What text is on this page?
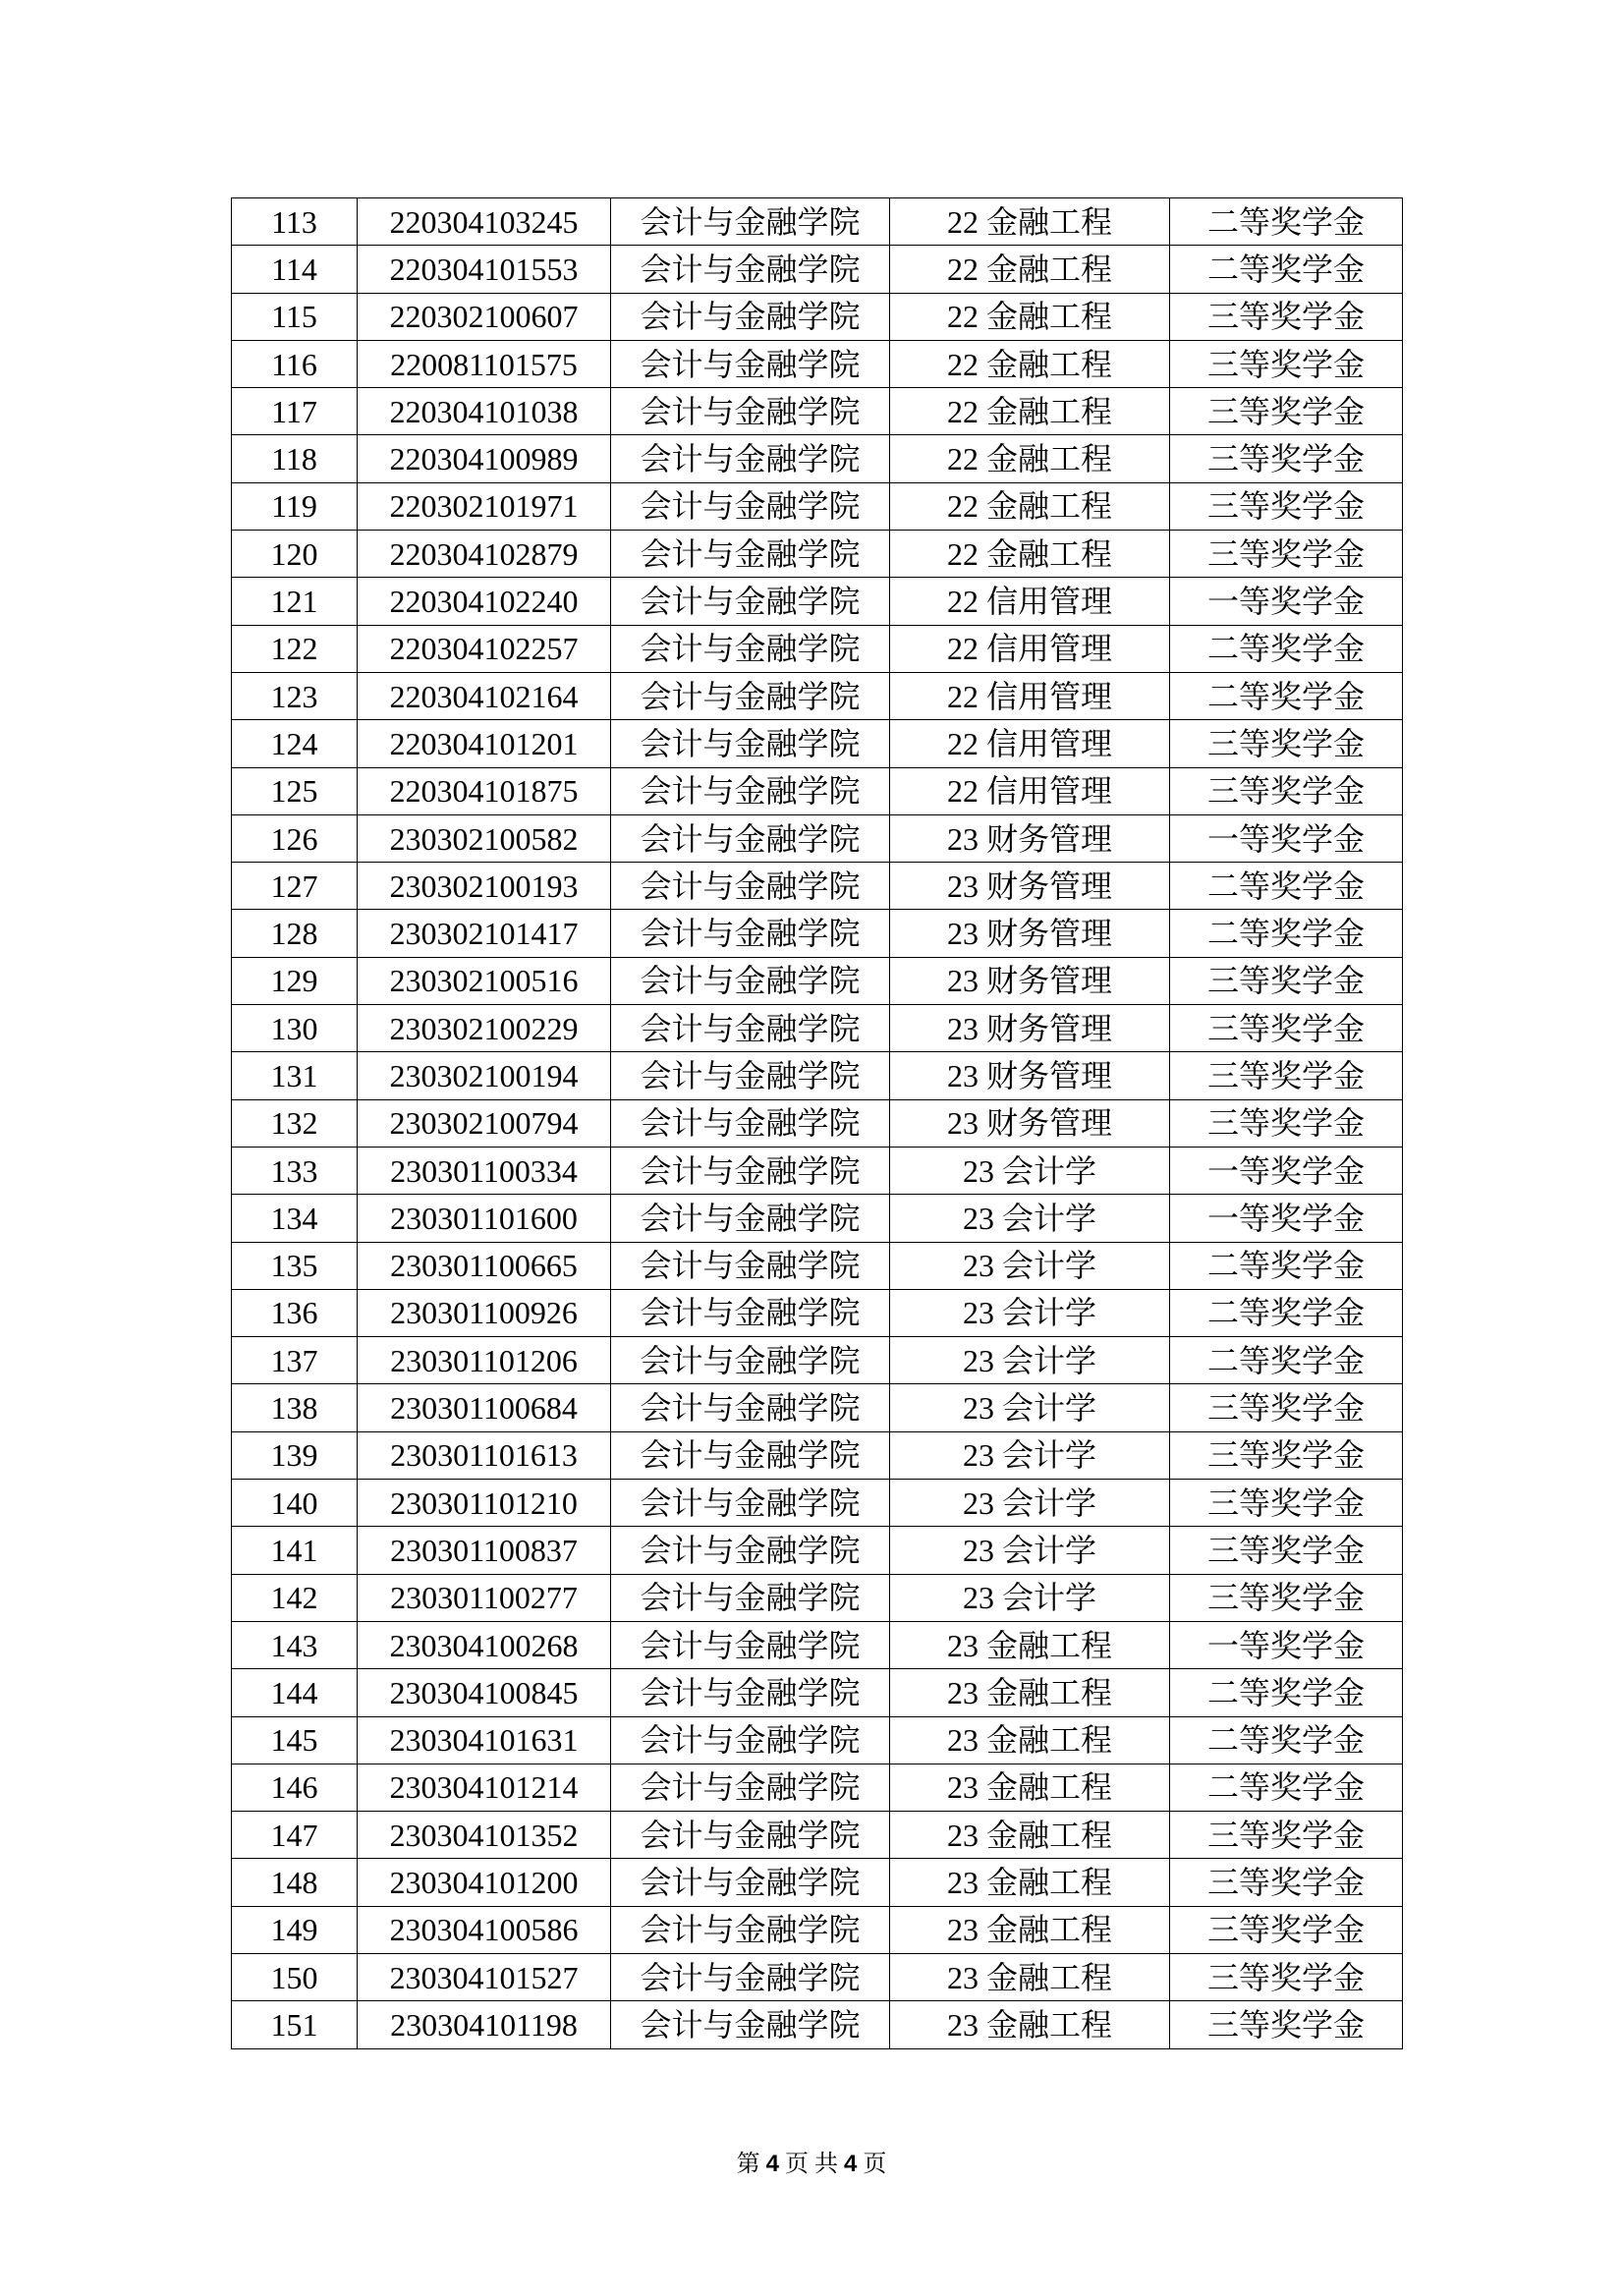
113	220304103245	会计与金融学院	22 金融工程	二等奖学金
114	220304101553	会计与金融学院	22 金融工程	二等奖学金
115	220302100607	会计与金融学院	22 金融工程	三等奖学金
116	220081101575	会计与金融学院	22 金融工程	三等奖学金
117	220304101038	会计与金融学院	22 金融工程	三等奖学金
118	220304100989	会计与金融学院	22 金融工程	三等奖学金
119	220302101971	会计与金融学院	22 金融工程	三等奖学金
120	220304102879	会计与金融学院	22 金融工程	三等奖学金
121	220304102240	会计与金融学院	22 信用管理	一等奖学金
122	220304102257	会计与金融学院	22 信用管理	二等奖学金
123	220304102164	会计与金融学院	22 信用管理	二等奖学金
124	220304101201	会计与金融学院	22 信用管理	三等奖学金
125	220304101875	会计与金融学院	22 信用管理	三等奖学金
126	230302100582	会计与金融学院	23 财务管理	一等奖学金
127	230302100193	会计与金融学院	23 财务管理	二等奖学金
128	230302101417	会计与金融学院	23 财务管理	二等奖学金
129	230302100516	会计与金融学院	23 财务管理	三等奖学金
130	230302100229	会计与金融学院	23 财务管理	三等奖学金
131	230302100194	会计与金融学院	23 财务管理	三等奖学金
132	230302100794	会计与金融学院	23 财务管理	三等奖学金
133	230301100334	会计与金融学院	23 会计学	一等奖学金
134	230301101600	会计与金融学院	23 会计学	一等奖学金
135	230301100665	会计与金融学院	23 会计学	二等奖学金
136	230301100926	会计与金融学院	23 会计学	二等奖学金
137	230301101206	会计与金融学院	23 会计学	二等奖学金
138	230301100684	会计与金融学院	23 会计学	三等奖学金
139	230301101613	会计与金融学院	23 会计学	三等奖学金
140	230301101210	会计与金融学院	23 会计学	三等奖学金
141	230301100837	会计与金融学院	23 会计学	三等奖学金
142	230301100277	会计与金融学院	23 会计学	三等奖学金
143	230304100268	会计与金融学院	23 金融工程	一等奖学金
144	230304100845	会计与金融学院	23 金融工程	二等奖学金
145	230304101631	会计与金融学院	23 金融工程	二等奖学金
146	230304101214	会计与金融学院	23 金融工程	二等奖学金
147	230304101352	会计与金融学院	23 金融工程	三等奖学金
148	230304101200	会计与金融学院	23 金融工程	三等奖学金
149	230304100586	会计与金融学院	23 金融工程	三等奖学金
150	230304101527	会计与金融学院	23 金融工程	三等奖学金
151	230304101198	会计与金融学院	23 金融工程	三等奖学金
第 4 页 共 4 页
